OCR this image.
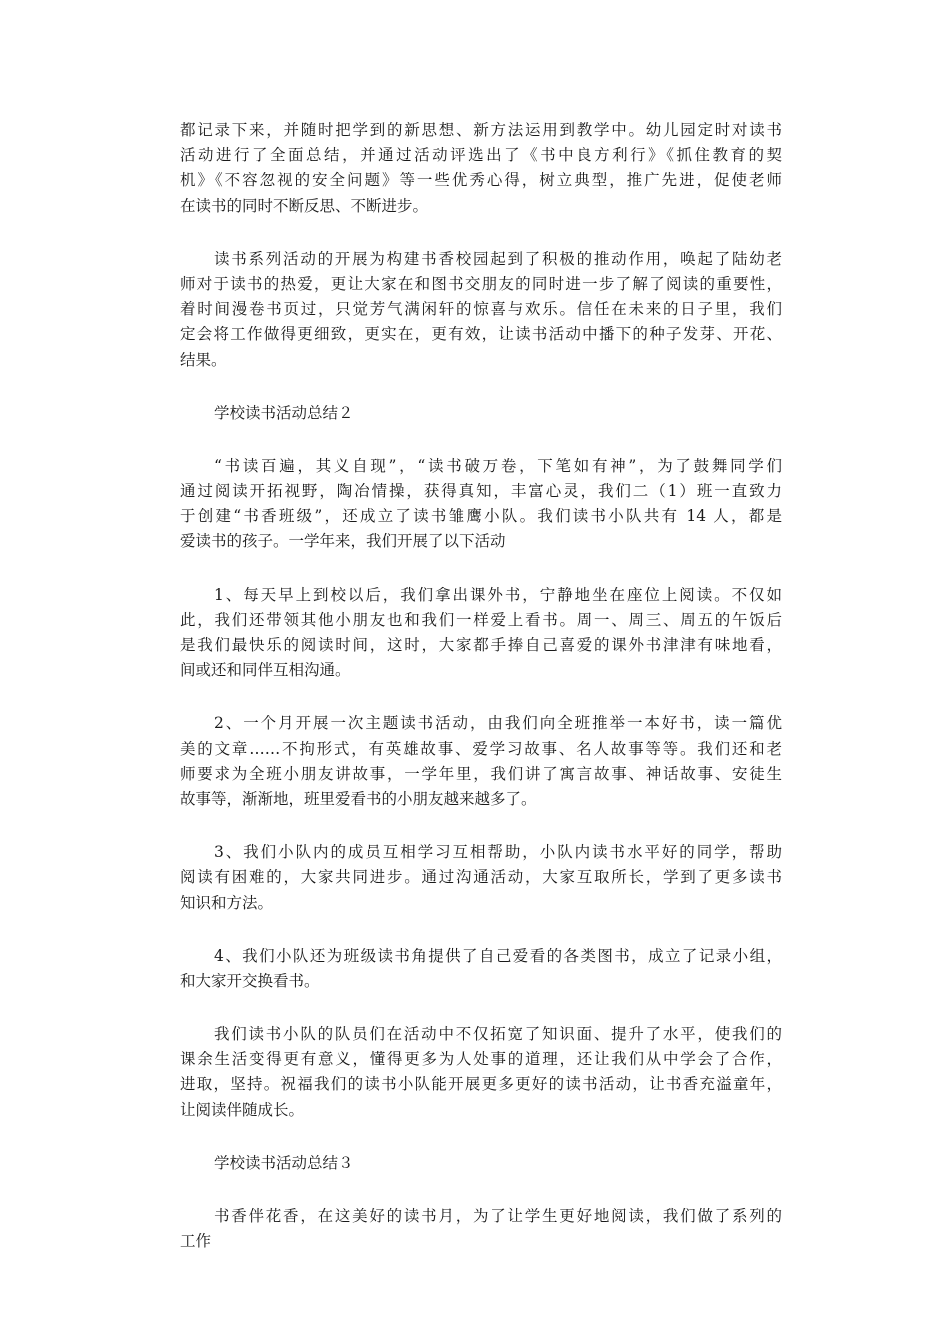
都记录下来，并随时把学到的新思想、新方法运用到教学中。幼儿园定时对读书
活动进行了全面总结，并通过活动评选出了《书中良方利行》《抓住教育的契
机》《不容忽视的安全问题》等一些优秀心得，树立典型，推广先进，促使老师
在读书的同时不断反思、不断进步。
读书系列活动的开展为构建书香校园起到了积极的推动作用，唤起了陆幼老
师对于读书的热爱，更让大家在和图书交朋友的同时进一步了解了阅读的重要性，
着时间漫卷书页过，只觉芳气满闲轩的惊喜与欢乐。信任在未来的日子里，我们
定会将工作做得更细致，更实在，更有效，让读书活动中播下的种子发芽、开花、
结果。
学校读书活动总结２
“书读百遍，其义自现”，“读书破万卷，下笔如有神”，为了鼓舞同学们
通过阅读开拓视野，陶冶情操，获得真知，丰富心灵，我们二（1）班一直致力
于创建“书香班级”，还成立了读书雏鹰小队。我们读书小队共有 14 人，都是
爱读书的孩子。一学年来，我们开展了以下活动
1、每天早上到校以后，我们拿出课外书，宁静地坐在座位上阅读。不仅如
此，我们还带领其他小朋友也和我们一样爱上看书。周一、周三、周五的午饭后
是我们最快乐的阅读时间，这时，大家都手捧自己喜爱的课外书津津有味地看，
间或还和同伴互相沟通。
2、一个月开展一次主题读书活动，由我们向全班推举一本好书，读一篇优
美的文章……不拘形式，有英雄故事、爱学习故事、名人故事等等。我们还和老
师要求为全班小朋友讲故事，一学年里，我们讲了寓言故事、神话故事、安徒生
故事等，渐渐地，班里爱看书的小朋友越来越多了。
3、我们小队内的成员互相学习互相帮助，小队内读书水平好的同学，帮助
阅读有困难的，大家共同进步。通过沟通活动，大家互取所长，学到了更多读书
知识和方法。
4、我们小队还为班级读书角提供了自己爱看的各类图书，成立了记录小组，
和大家开交换看书。
我们读书小队的队员们在活动中不仅拓宽了知识面、提升了水平，使我们的
课余生活变得更有意义，懂得更多为人处事的道理，还让我们从中学会了合作，
进取，坚持。祝福我们的读书小队能开展更多更好的读书活动，让书香充溢童年，
让阅读伴随成长。
学校读书活动总结３
书香伴花香，在这美好的读书月，为了让学生更好地阅读，我们做了系列的
工作
